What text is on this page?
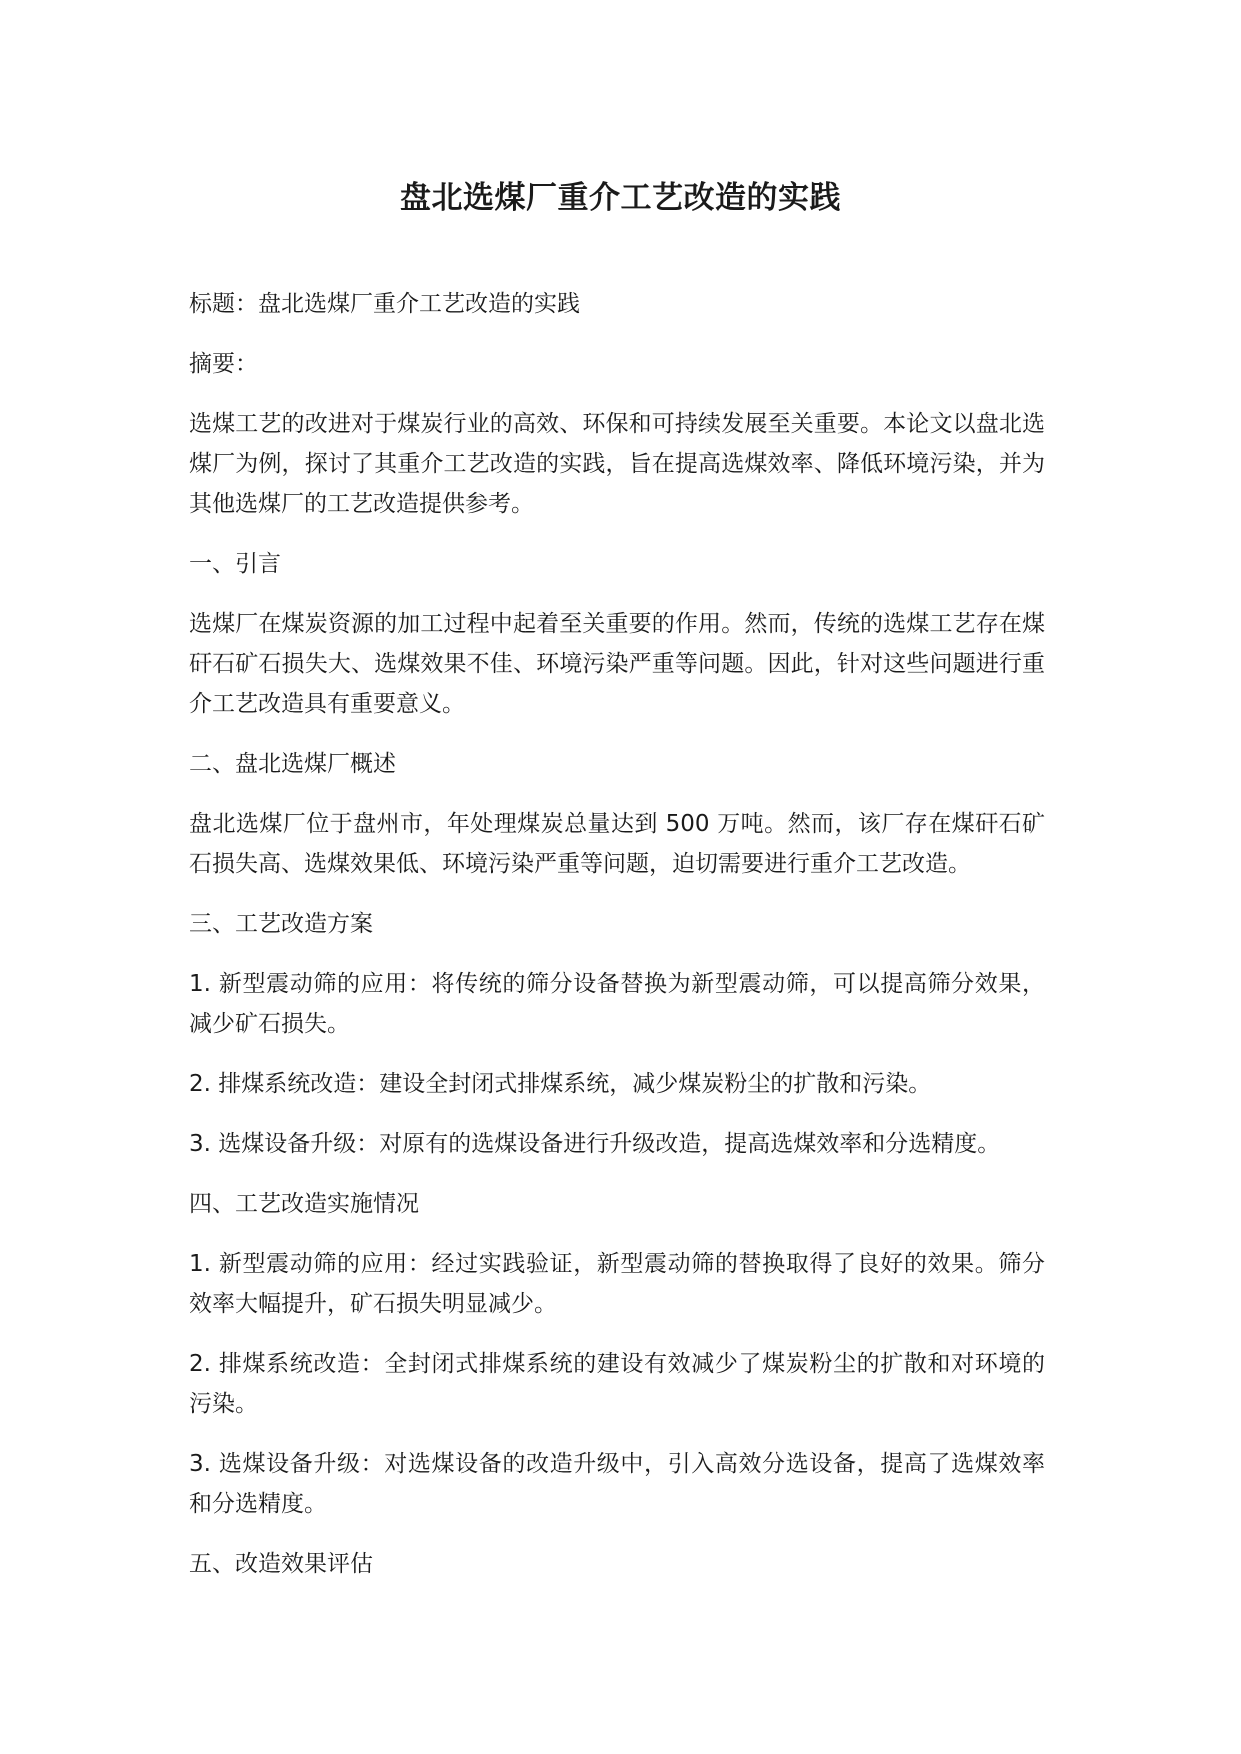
盘北选煤厂重介工艺改造的实践

标题：盘北选煤厂重介工艺改造的实践

摘要：

选煤工艺的改进对于煤炭行业的高效、环保和可持续发展至关重要。本论文以盘北选煤厂为例，探讨了其重介工艺改造的实践，旨在提高选煤效率、降低环境污染，并为其他选煤厂的工艺改造提供参考。

一、引言

选煤厂在煤炭资源的加工过程中起着至关重要的作用。然而，传统的选煤工艺存在煤矸石矿石损失大、选煤效果不佳、环境污染严重等问题。因此，针对这些问题进行重介工艺改造具有重要意义。

二、盘北选煤厂概述

盘北选煤厂位于盘州市，年处理煤炭总量达到 500 万吨。然而，该厂存在煤矸石矿石损失高、选煤效果低、环境污染严重等问题，迫切需要进行重介工艺改造。

三、工艺改造方案

1. 新型震动筛的应用：将传统的筛分设备替换为新型震动筛，可以提高筛分效果，减少矿石损失。

2. 排煤系统改造：建设全封闭式排煤系统，减少煤炭粉尘的扩散和污染。

3. 选煤设备升级：对原有的选煤设备进行升级改造，提高选煤效率和分选精度。

四、工艺改造实施情况

1. 新型震动筛的应用：经过实践验证，新型震动筛的替换取得了良好的效果。筛分效率大幅提升，矿石损失明显减少。

2. 排煤系统改造：全封闭式排煤系统的建设有效减少了煤炭粉尘的扩散和对环境的污染。

3. 选煤设备升级：对选煤设备的改造升级中，引入高效分选设备，提高了选煤效率和分选精度。

五、改造效果评估
